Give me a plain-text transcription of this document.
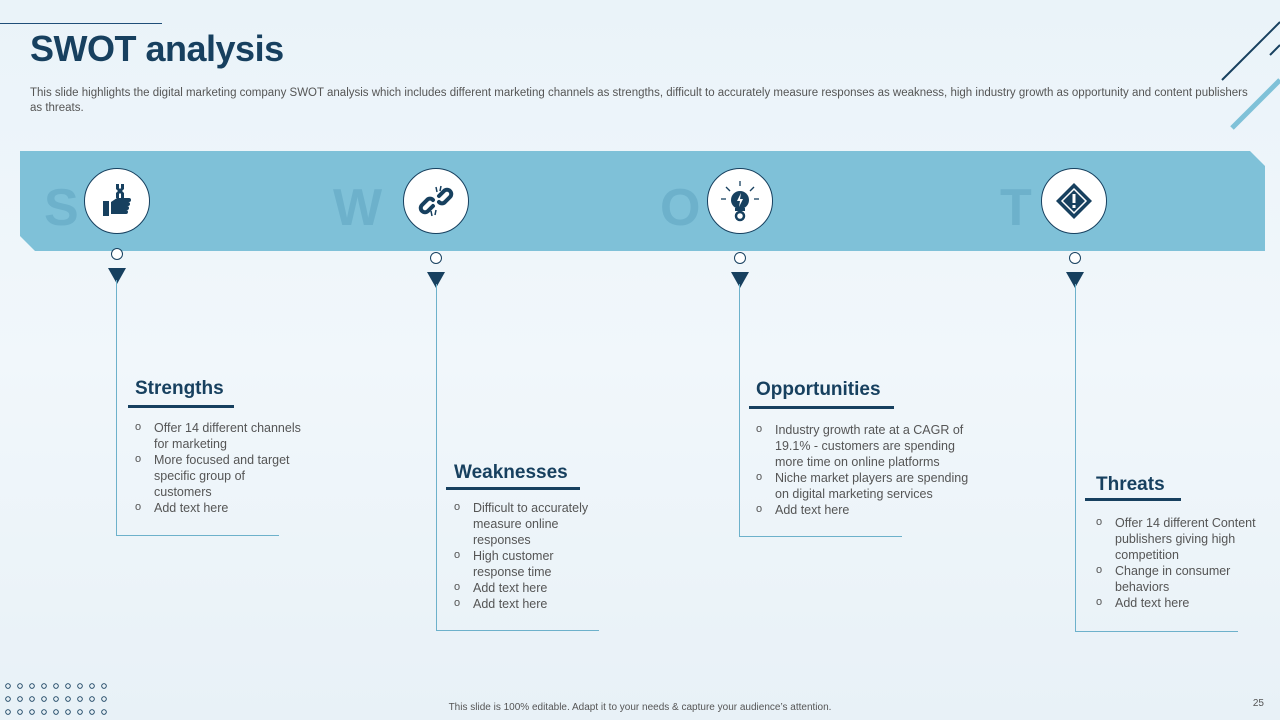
SWOT analysis
This slide highlights the digital marketing company SWOT analysis which includes different marketing channels as strengths, difficult to accurately measure responses as weakness, high industry growth as opportunity and content publishers as threats.
S	W	O	T
Strengths
o Offer 14 different channels for marketing
o More focused and target specific group of customers
o Add text here
Weaknesses
o Difficult to accurately measure online responses
o High customer response time
o Add text here
o Add text here
Opportunities
o Industry growth rate at a CAGR of 19.1% - customers are spending more time on online platforms
o Niche market players are spending on digital marketing services
o Add text here
Threats
o Offer 14 different Content publishers giving high competition
o Change in consumer behaviors
o Add text here
This slide is 100% editable. Adapt it to your needs & capture your audience’s attention.	25
